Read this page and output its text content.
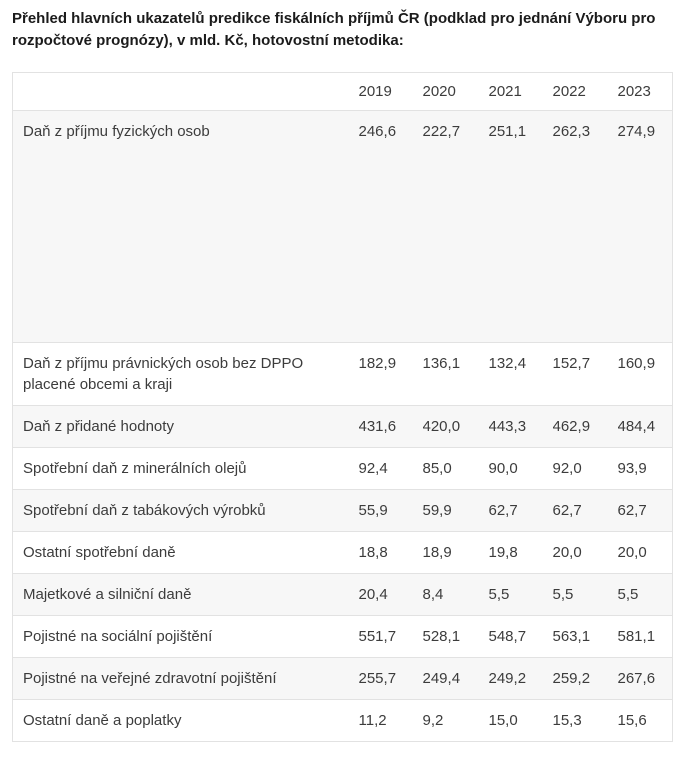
Přehled hlavních ukazatelů predikce fiskálních příjmů ČR (podklad pro jednání Výboru pro rozpočtové prognózy), v mld. Kč, hotovostní metodika:
	2019	2020	2021	2022	2023
Daň z příjmu fyzických osob	246,6	222,7	251,1	262,3	274,9
Daň z příjmu právnických osob bez DPPO placené obcemi a kraji	182,9	136,1	132,4	152,7	160,9
Daň z přidané hodnoty	431,6	420,0	443,3	462,9	484,4
Spotřební daň z minerálních olejů	92,4	85,0	90,0	92,0	93,9
Spotřební daň z tabákových výrobků	55,9	59,9	62,7	62,7	62,7
Ostatní spotřební daně	18,8	18,9	19,8	20,0	20,0
Majetkové a silniční daně	20,4	8,4	5,5	5,5	5,5
Pojistné na sociální pojištění	551,7	528,1	548,7	563,1	581,1
Pojistné na veřejné zdravotní pojištění	255,7	249,4	249,2	259,2	267,6
Ostatní daně a poplatky	11,2	9,2	15,0	15,3	15,6
